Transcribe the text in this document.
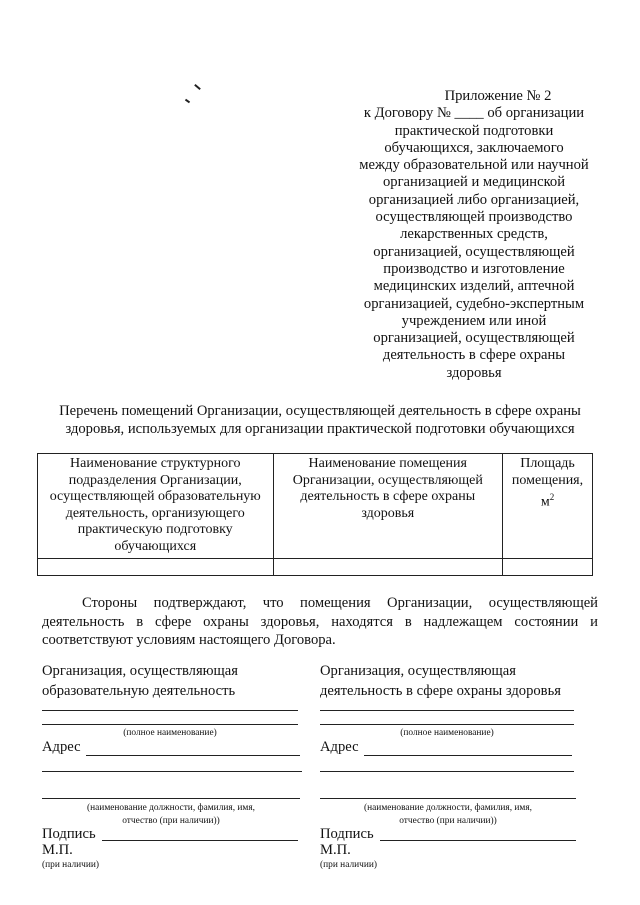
Приложение № 2
к Договору № ____ об организации
практической подготовки
обучающихся, заключаемого
между образовательной или научной
организацией и медицинской
организацией либо организацией,
осуществляющей производство
лекарственных средств,
организацией, осуществляющей
производство и изготовление
медицинских изделий, аптечной
организацией, судебно-экспертным
учреждением или иной
организацией, осуществляющей
деятельность в сфере охраны
здоровья
Перечень помещений Организации, осуществляющей деятельность в сфере охраны
здоровья, используемых для организации практической подготовки обучающихся
Наименование структурного подразделения Организации, осуществляющей образовательную деятельность, организующего практическую подготовку обучающихся	Наименование помещения Организации, осуществляющей деятельность в сфере охраны здоровья	Площадь помещения, $м^2$

Стороны подтверждают, что помещения Организации, осуществляющей деятельность в сфере охраны здоровья, находятся в надлежащем состоянии и соответствуют условиям настоящего Договора.
Организация, осуществляющая
образовательную деятельность
(полное наименование)
Адрес
(наименование должности, фамилия, имя,
отчество (при наличии))
Подпись
М.П.
(при наличии)
Организация, осуществляющая
деятельность в сфере охраны здоровья
(полное наименование)
Адрес
(наименование должности, фамилия, имя,
отчество (при наличии))
Подпись
М.П.
(при наличии)
